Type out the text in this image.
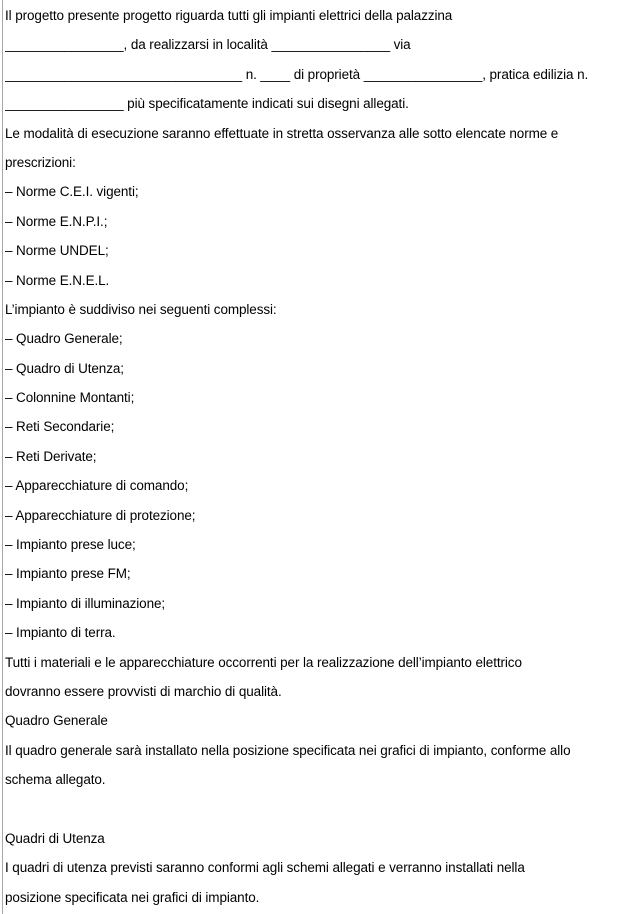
Il progetto presente progetto riguarda tutti gli impianti elettrici della palazzina
________________, da realizzarsi in località ________________ via
________________________________ n. ____ di proprietà ________________, pratica edilizia n.
________________ più specificatamente indicati sui disegni allegati.
Le modalità di esecuzione saranno effettuate in stretta osservanza alle sotto elencate norme e
prescrizioni:
– Norme C.E.I. vigenti;
– Norme E.N.P.I.;
– Norme UNDEL;
– Norme E.N.E.L.
L’impianto è suddiviso nei seguenti complessi:
– Quadro Generale;
– Quadro di Utenza;
– Colonnine Montanti;
– Reti Secondarie;
– Reti Derivate;
– Apparecchiature di comando;
– Apparecchiature di protezione;
– Impianto prese luce;
– Impianto prese FM;
– Impianto di illuminazione;
– Impianto di terra.
Tutti i materiali e le apparecchiature occorrenti per la realizzazione dell’impianto elettrico
dovranno essere provvisti di marchio di qualità.
Quadro Generale
Il quadro generale sarà installato nella posizione specificata nei grafici di impianto, conforme allo
schema allegato.
Quadri di Utenza
I quadri di utenza previsti saranno conformi agli schemi allegati e verranno installati nella
posizione specificata nei grafici di impianto.
